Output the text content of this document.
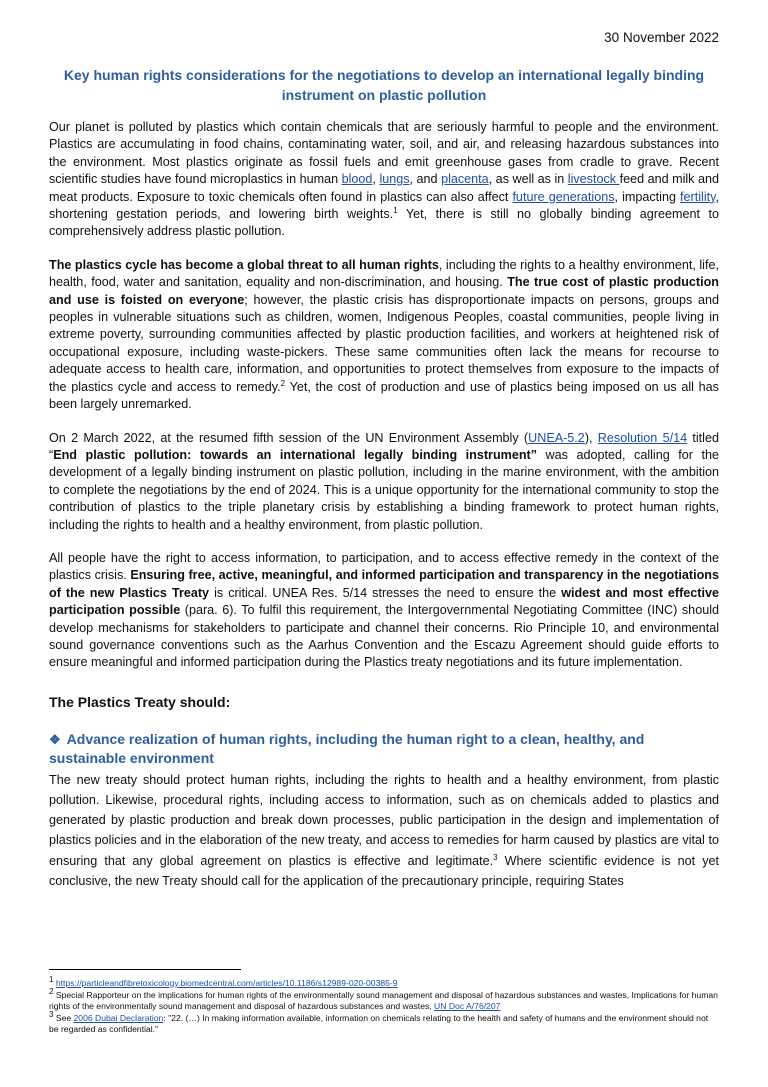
30 November 2022
Key human rights considerations for the negotiations to develop an international legally binding
instrument on plastic pollution

Our planet is polluted by plastics which contain chemicals that are seriously harmful to people and the environment. Plastics are accumulating in food chains, contaminating water, soil, and air, and releasing hazardous substances into the environment. Most plastics originate as fossil fuels and emit greenhouse gases from cradle to grave. Recent scientific studies have found microplastics in human blood, lungs, and placenta, as well as in livestock feed and milk and meat products. Exposure to toxic chemicals often found in plastics can also affect future generations, impacting fertility, shortening gestation periods, and lowering birth weights.$^1$ Yet, there is still no globally binding agreement to comprehensively address plastic pollution.

The plastics cycle has become a global threat to all human rights, including the rights to a healthy environment, life, health, food, water and sanitation, equality and non-discrimination, and housing. The true cost of plastic production and use is foisted on everyone; however, the plastic crisis has disproportionate impacts on persons, groups and peoples in vulnerable situations such as children, women, Indigenous Peoples, coastal communities, people living in extreme poverty, surrounding communities affected by plastic production facilities, and workers at heightened risk of occupational exposure, including waste-pickers. These same communities often lack the means for recourse to adequate access to health care, information, and opportunities to protect themselves from exposure to the impacts of the plastics cycle and access to remedy.$^2$ Yet, the cost of production and use of plastics being imposed on us all has been largely unremarked.

On 2 March 2022, at the resumed fifth session of the UN Environment Assembly (UNEA-5.2), Resolution 5/14 titled “End plastic pollution: towards an international legally binding instrument” was adopted, calling for the development of a legally binding instrument on plastic pollution, including in the marine environment, with the ambition to complete the negotiations by the end of 2024. This is a unique opportunity for the international community to stop the contribution of plastics to the triple planetary crisis by establishing a binding framework to protect human rights, including the rights to health and a healthy environment, from plastic pollution.

All people have the right to access information, to participation, and to access effective remedy in the context of the plastics crisis. Ensuring free, active, meaningful, and informed participation and transparency in the negotiations of the new Plastics Treaty is critical. UNEA Res. 5/14 stresses the need to ensure the widest and most effective participation possible (para. 6). To fulfil this requirement, the Intergovernmental Negotiating Committee (INC) should develop mechanisms for stakeholders to participate and channel their concerns. Rio Principle 10, and environmental sound governance conventions such as the Aarhus Convention and the Escazu Agreement should guide efforts to ensure meaningful and informed participation during the Plastics treaty negotiations and its future implementation.

The Plastics Treaty should:
❖ Advance realization of human rights, including the human right to a clean, healthy, and sustainable environment

The new treaty should protect human rights, including the rights to health and a healthy environment, from plastic pollution. Likewise, procedural rights, including access to information, such as on chemicals added to plastics and generated by plastic production and break down processes, public participation in the design and implementation of plastics policies and in the elaboration of the new treaty, and access to remedies for harm caused by plastics are vital to ensuring that any global agreement on plastics is effective and legitimate.$^3$ Where scientific evidence is not yet conclusive, the new Treaty should call for the application of the precautionary principle, requiring States

$^1$ https://particleandfibretoxicology.biomedcentral.com/articles/10.1186/s12989-020-00385-9
$^2$ Special Rapporteur on the implications for human rights of the environmentally sound management and disposal of hazardous substances and wastes, Implications for human rights of the environmentally sound management and disposal of hazardous substances and wastes, UN Doc A/76/207
$^3$ See 2006 Dubai Declaration: "22. (…) In making information available, information on chemicals relating to the health and safety of humans and the environment should not be regarded as confidential."
